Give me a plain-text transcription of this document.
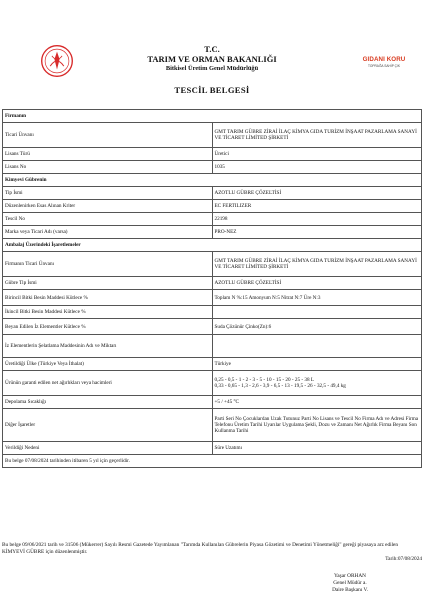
T.C.
TARIM VE ORMAN BAKANLIĞI
Bitkisel Üretim Genel Müdürlüğü
TESCİL BELGESİ
GIDANI KORU
TOPRAĞA SAHİP ÇIK
Firmanın	
Ticari Ünvanı	GMT TARIM GÜBRE ZİRAİ İLAÇ KİMYA GIDA TURİZM İNŞAAT PAZARLAMA SANAYİ VE TİCARET LİMİTED ŞİRKETİ
Lisans Türü	Üretici
Lisans No	1035
Kimyevi Gübrenin	
Tip İsmi	AZOTLU GÜBRE ÇÖZELTİSİ
Düzenlenirken Esas Alınan Kriter	EC FERTILIZER
Tescil No	22198
Marka veya Ticari Adı (varsa)	PRO-NEZ
Ambalaj Üzerindeki İşaretlemeler	
Firmanın Ticari Ünvanı	GMT TARIM GÜBRE ZİRAİ İLAÇ KİMYA GIDA TURİZM İNŞAAT PAZARLAMA SANAYİ VE TİCARET LİMİTED ŞİRKETİ
Gübre Tip İsmi	AZOTLU GÜBRE ÇÖZELTİSİ
Birincil Bitki Besin Maddesi Kütlece %	Toplam N %:15 Amonyum N:5 Nitrat N:7 Üre N:3
İkincil Bitki Besin Maddesi Kütlece %	
Beyan Edilen İz Elementler Kütlece %	Suda Çözünür Çinko(Zn):6
İz Elementlerin Şelatlama Maddesinin Adı ve Miktarı	
Üretildiği Ülke (Türkiye Veya İthalat)	Türkiye
Ürünün garanti edilen net ağırlıkları veya hacimleri	0,25 - 0,5 - 1 - 2 - 3 - 5 - 10 - 15 - 20 - 25 - 38 L
0,33 - 0,65 - 1,3 - 2,6 - 3,9 - 6,5 - 13 - 19,5 - 26 - 32,5 - 49,4 kg
Depolama Sıcaklığı	+5 / +45 °C
Diğer İşaretler	Parti Seri No Çocuklardan Uzak Tutunuz Parti No Lisans ve Tescil No Firma Adı ve Adresi Firma Telefonu Üretim Tarihi Uyarılar Uygulama Şekli, Dozu ve Zamanı Net Ağırlık Firma Beyanı Son Kullanma Tarihi
Verildiği Nedeni	Süre Uzatımı
Bu belge 07/08/2024 tarihinden itibaren 5 yıl için geçerlidir.	
Bu belge 09/06/2021 tarih ve 31506 (Mükerrer) Sayılı Resmi Gazetede Yayımlanan "Tarımda Kullanılan Gübrelerin Piyasa Gözetimi ve Denetimi Yönetmeliği" gereği piyasaya arz edilen KİMYEVİ GÜBRE için düzenlenmiştir.
Tarih:07/08/2024
Yaşar ORHAN
Genel Müdür a.
Daire Başkanı V.
